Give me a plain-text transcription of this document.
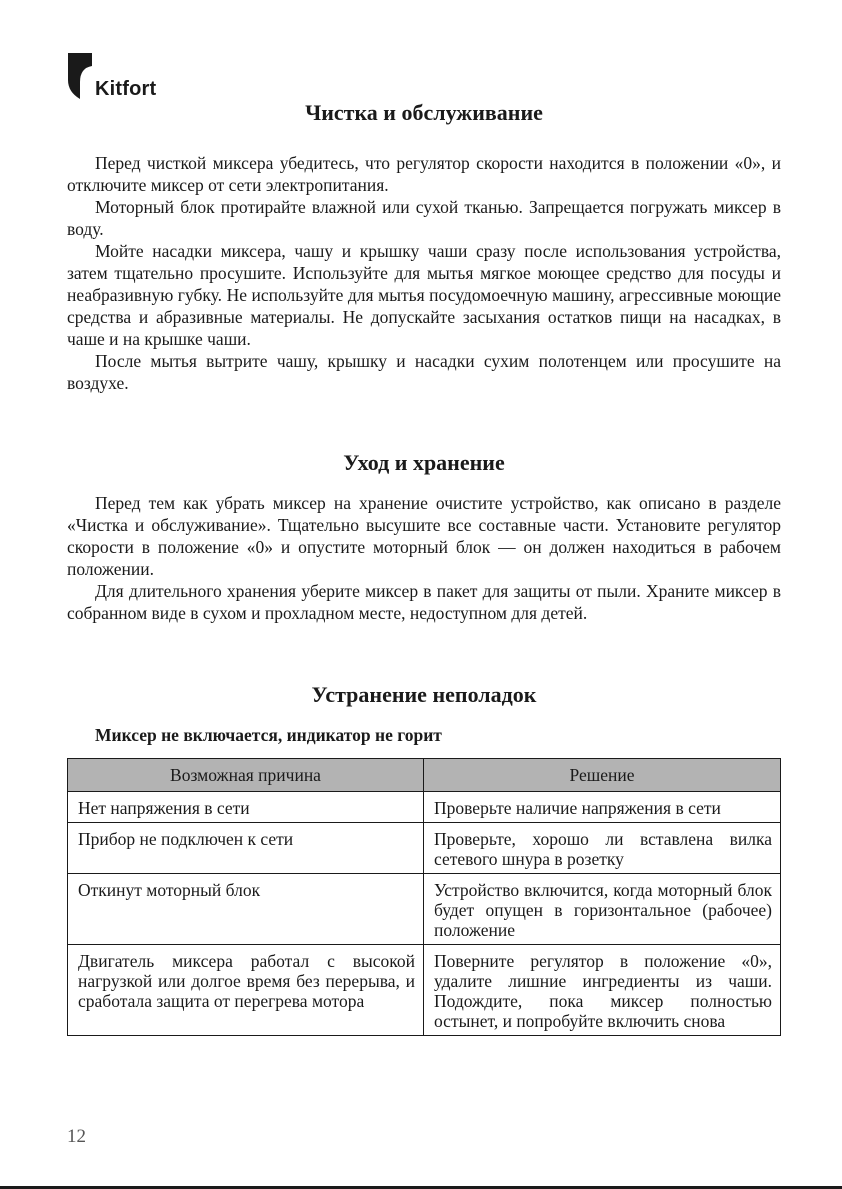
Kitfort
Чистка и обслуживание

Перед чисткой миксера убедитесь, что регулятор скорости находится в положении «0», и отключите миксер от сети электропитания.

Моторный блок протирайте влажной или сухой тканью. Запрещается погружать миксер в воду.

Мойте насадки миксера, чашу и крышку чаши сразу после использования устройства, затем тщательно просушите. Используйте для мытья мягкое моющее средство для посуды и неабразивную губку. Не используйте для мытья посудомоечную машину, агрессивные моющие средства и абразивные материалы. Не допускайте засыхания остатков пищи на насадках, в чаше и на крышке чаши.

После мытья вытрите чашу, крышку и насадки сухим полотенцем или просушите на воздухе.

Уход и хранение

Перед тем как убрать миксер на хранение очистите устройство, как описано в разделе «Чистка и обслуживание». Тщательно высушите все составные части. Установите регулятор скорости в положение «0» и опустите моторный блок — он должен находиться в рабочем положении.

Для длительного хранения уберите миксер в пакет для защиты от пыли. Храните миксер в собранном виде в сухом и прохладном месте, недоступном для детей.

Устранение неполадок
Миксер не включается, индикатор не горит
Возможная причина	Решение
Нет напряжения в сети	Проверьте наличие напряжения в сети
Прибор не подключен к сети	Проверьте, хорошо ли вставлена вилка сетевого шнура в розетку
Откинут моторный блок	Устройство включится, когда моторный блок будет опущен в горизонтальное (рабочее) положение
Двигатель миксера работал с высокой нагрузкой или долгое время без перерыва, и сработала защита от перегрева мотора	Поверните регулятор в положение «0», удалите лишние ингредиенты из чаши. Подождите, пока миксер полностью остынет, и попробуйте включить снова
12
